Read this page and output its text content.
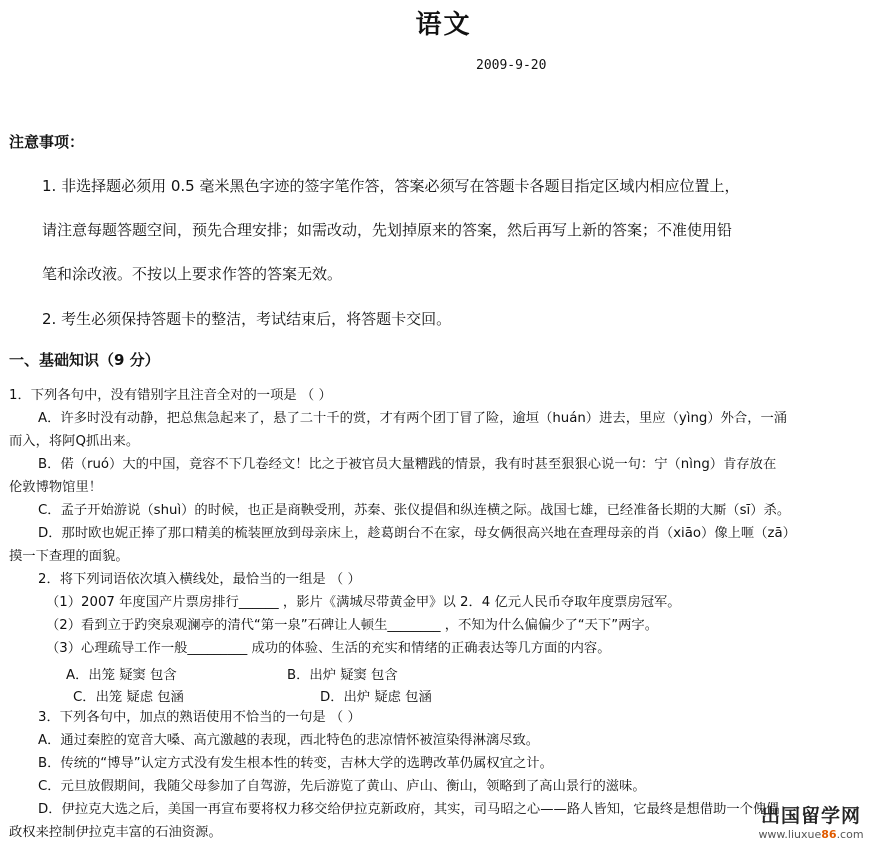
语文
2009-9-20
注意事项：
1. 非选择题必须用 0.5 毫米黑色字迹的签字笔作答，答案必须写在答题卡各题目指定区域内相应位置上，
请注意每题答题空间，预先合理安排；如需改动，先划掉原来的答案，然后再写上新的答案；不准使用铅
笔和涂改液。不按以上要求作答的答案无效。
2. 考生必须保持答题卡的整洁，考试结束后，将答题卡交回。
一、基础知识（9 分）
1．下列各句中，没有错别字且注音全对的一项是 （ ）
A．许多时没有动静，把总焦急起来了，悬了二十千的赏，才有两个团丁冒了险，逾垣（huán）进去，里应（yìng）外合，一涌
而入，将阿Q抓出来。
B．偌（ruó）大的中国，竟容不下几卷经文！比之于被官员大量糟践的情景，我有时甚至狠狠心说一句：宁（nìng）肯存放在
伦敦博物馆里！
C．孟子开始游说（shuì）的时候，也正是商鞅受刑，苏秦、张仪提倡和纵连横之际。战国七雄，已经准备长期的大厮（sī）杀。
D．那时欧也妮正捧了那口精美的梳装匣放到母亲床上，趁葛朗台不在家，母女俩很高兴地在查理母亲的肖（xiāo）像上咂（zā）
摸一下查理的面貌。
2．将下列词语依次填入横线处，最恰当的一组是 （ ）
（1）2007 年度国产片票房排行______ ，影片《满城尽带黄金甲》以 2．4 亿元人民币夺取年度票房冠军。
（2）看到立于趵突泉观澜亭的清代“第一泉”石碑让人顿生________ ，不知为什么偏偏少了“天下”两字。
（3）心理疏导工作一般_________ 成功的体验、生活的充实和情绪的正确表达等几方面的内容。
A．出笼 疑窦 包含	B．出炉 疑窦 包含
C．出笼 疑虑 包涵	D．出炉 疑虑 包涵
3．下列各句中，加点的熟语使用不恰当的一句是 （ ）
A．通过秦腔的宽音大嗓、高亢激越的表现，西北特色的悲凉情怀被渲染得淋漓尽致。
B．传统的“博导”认定方式没有发生根本性的转变，吉林大学的选聘改革仍属权宜之计。
C．元旦放假期间，我随父母参加了自驾游，先后游览了黄山、庐山、衡山，领略到了高山景行的滋味。
D．伊拉克大选之后，美国一再宣布要将权力移交给伊拉克新政府，其实，司马昭之心——路人皆知，它最终是想借助一个傀儡
政权来控制伊拉克丰富的石油资源。
出国留学网
www.liuxue86.com
